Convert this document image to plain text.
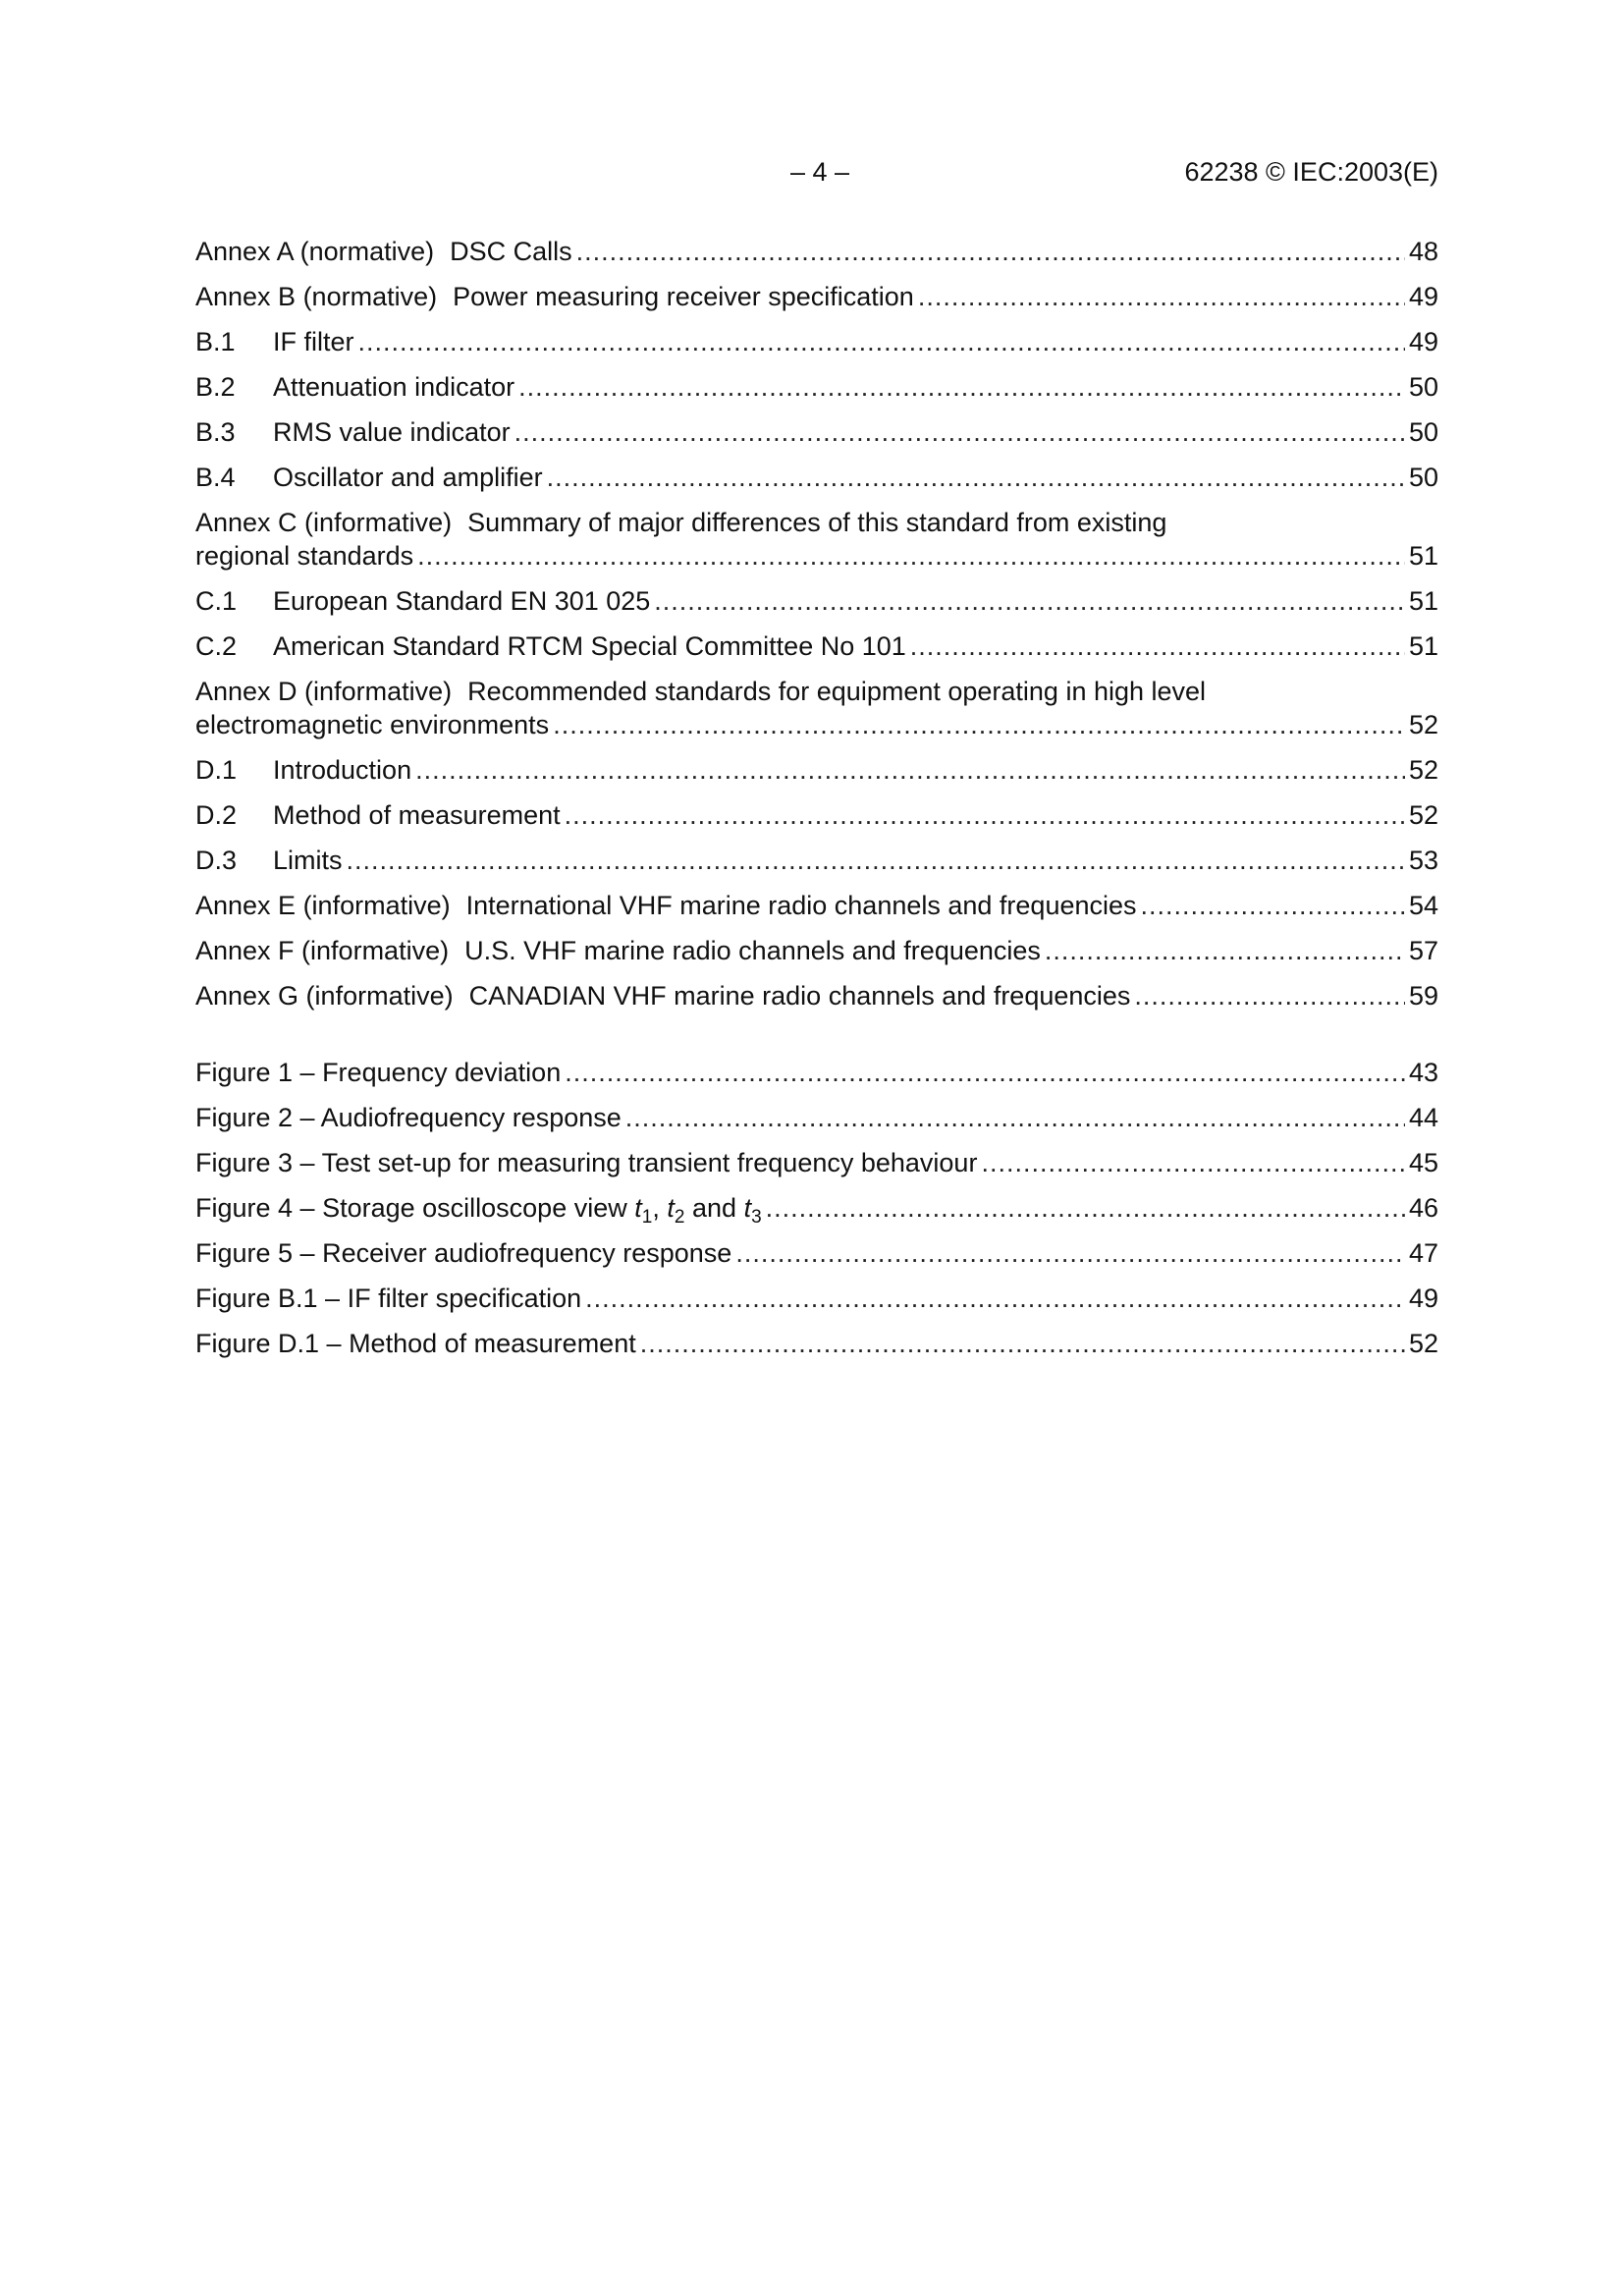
– 4 –	62238 © IEC:2003(E)
Annex A (normative) DSC Calls .....	48
Annex B (normative) Power measuring receiver specification .....	49
B.1	IF filter .....	49
B.2	Attenuation indicator .....	50
B.3	RMS value indicator .....	50
B.4	Oscillator and amplifier .....	50
Annex C (informative) Summary of major differences of this standard from existing
regional standards .....	51
C.1	European Standard EN 301 025 .....	51
C.2	American Standard RTCM Special Committee No 101 .....	51
Annex D (informative) Recommended standards for equipment operating in high level
electromagnetic environments .....	52
D.1	Introduction .....	52
D.2	Method of measurement .....	52
D.3	Limits .....	53
Annex E (informative) International VHF marine radio channels and frequencies .....	54
Annex F (informative) U.S. VHF marine radio channels and frequencies .....	57
Annex G (informative) CANADIAN VHF marine radio channels and frequencies .....	59
Figure 1 – Frequency deviation .....	43
Figure 2 – Audiofrequency response .....	44
Figure 3 – Test set-up for measuring transient frequency behaviour .....	45
Figure 4 – Storage oscilloscope view $t_1$, $t_2$ and $t_3$ .....	46
Figure 5 – Receiver audiofrequency response .....	47
Figure B.1 – IF filter specification .....	49
Figure D.1 – Method of measurement .....	52
